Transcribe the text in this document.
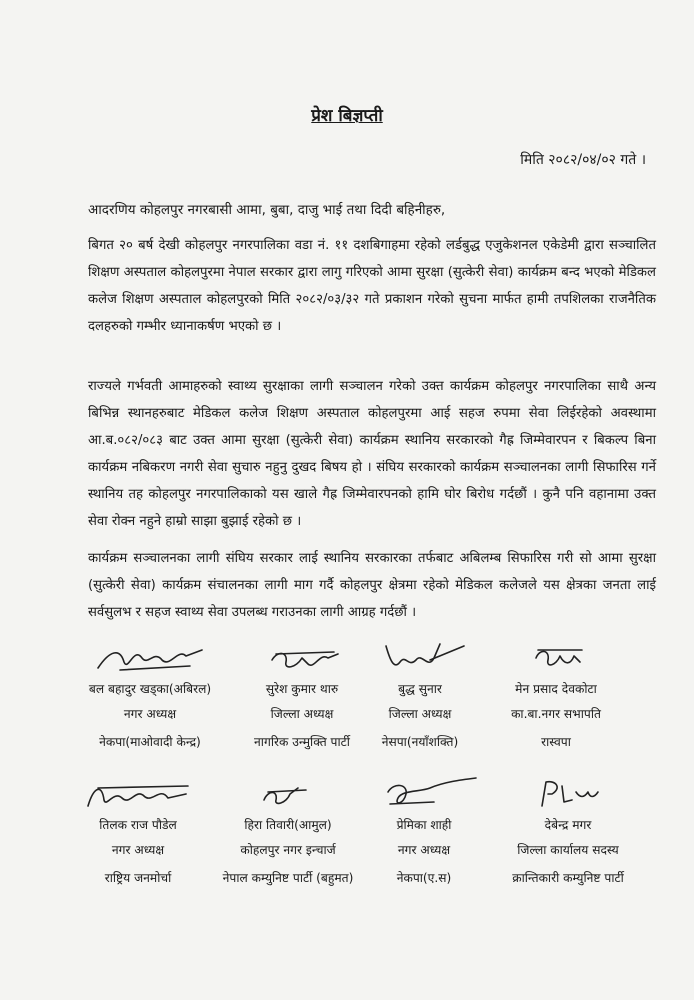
प्रेश बिज्ञप्ती
मिति २०८२/०४/०२ गते ।
आदरणिय कोहलपुर नगरबासी आमा, बुबा, दाजु भाई तथा दिदी बहिनीहरु,

बिगत २० बर्ष देखी कोहलपुर नगरपालिका वडा नं. ११ दशबिगाहमा रहेको लर्डबुद्ध एजुकेशनल एकेडेमी द्वारा सञ्चालित शिक्षण अस्पताल कोहलपुरमा नेपाल सरकार द्वारा लागु गरिएको आमा सुरक्षा (सुत्केरी सेवा) कार्यक्रम बन्द भएको मेडिकल कलेज शिक्षण अस्पताल कोहलपुरको मिति २०८२/०३/३२ गते प्रकाशन गरेको सुचना मार्फत हामी तपशिलका राजनैतिक दलहरुको गम्भीर ध्यानाकर्षण भएको छ ।

राज्यले गर्भवती आमाहरुको स्वाथ्य सुरक्षाका लागी सञ्चालन गरेको उक्त कार्यक्रम कोहलपुर नगरपालिका साथै अन्य बिभिन्न स्थानहरुबाट मेडिकल कलेज शिक्षण अस्पताल कोहलपुरमा आई सहज रुपमा सेवा लिईरहेको अवस्थामा आ.ब.०८२/०८३ बाट उक्त आमा सुरक्षा (सुत्केरी सेवा) कार्यक्रम स्थानिय सरकारको गैह्र जिम्मेवारपन र बिकल्प बिना कार्यक्रम नबिकरण नगरी सेवा सुचारु नहुनु दुखद बिषय हो । संघिय सरकारको कार्यक्रम सञ्चालनका लागी सिफारिस गर्ने स्थानिय तह कोहलपुर नगरपालिकाको यस खाले गैह्र जिम्मेवारपनको हामि घोर बिरोध गर्दछौं । कुनै पनि वहानामा उक्त सेवा रोक्न नहुने हाम्रो साझा बुझाई रहेको छ ।

कार्यक्रम सञ्चालनका लागी संघिय सरकार लाई स्थानिय सरकारका तर्फबाट अबिलम्ब सिफारिस गरी सो आमा सुरक्षा (सुत्केरी सेवा) कार्यक्रम संचालनका लागी माग गर्दै कोहलपुर क्षेत्रमा रहेको मेडिकल कलेजले यस क्षेत्रका जनता लाई सर्वसुलभ र सहज स्वाथ्य सेवा उपलब्ध गराउनका लागी आग्रह गर्दछौं ।

बल बहादुर खड्का(अबिरल)
नगर अध्यक्ष
नेकपा(माओवादी केन्द्र)
सुरेश कुमार थारु
जिल्ला अध्यक्ष
नागरिक उन्मुक्ति पार्टी
बुद्ध सुनार
जिल्ला अध्यक्ष
नेसपा(नयाँशक्ति)
मेन प्रसाद देवकोटा
का.बा.नगर सभापति
रास्वपा
तिलक राज पौडेल
नगर अध्यक्ष
राष्ट्रिय जनमोर्चा
हिरा तिवारी(आमुल)
कोहलपुर नगर इन्चार्ज
नेपाल कम्युनिष्ट पार्टी (बहुमत)
प्रेमिका शाही
नगर अध्यक्ष
नेकपा(ए.स)
देबेन्द्र मगर
जिल्ला कार्यालय सदस्य
क्रान्तिकारी कम्युनिष्ट पार्टी
